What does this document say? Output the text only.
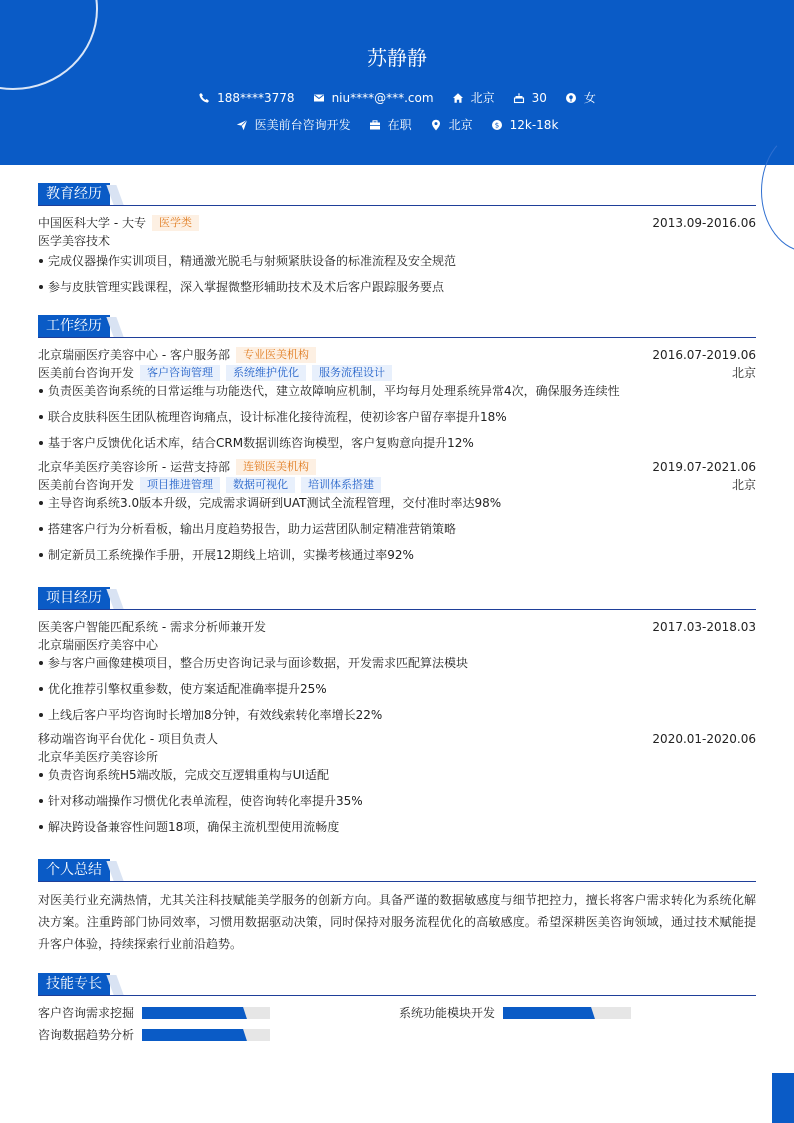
苏静静
188****3778	niu****@***.com	北京	30	女
医美前台咨询开发	在职	北京	$ 12k-18k
教育经历
中国医科大学 - 大专 医学类	2013.09-2016.06
医学美容技术
完成仪器操作实训项目，精通激光脱毛与射频紧肤设备的标准流程及安全规范
参与皮肤管理实践课程，深入掌握微整形辅助技术及术后客户跟踪服务要点
工作经历
北京瑞丽医疗美容中心 - 客户服务部 专业医美机构	2016.07-2019.06
医美前台咨询开发 客户咨询管理 系统维护优化 服务流程设计	北京
负责医美咨询系统的日常运维与功能迭代，建立故障响应机制，平均每月处理系统异常4次，确保服务连续性
联合皮肤科医生团队梳理咨询痛点，设计标准化接待流程，使初诊客户留存率提升18%
基于客户反馈优化话术库，结合CRM数据训练咨询模型，客户复购意向提升12%
北京华美医疗美容诊所 - 运营支持部 连锁医美机构	2019.07-2021.06
医美前台咨询开发 项目推进管理 数据可视化 培训体系搭建	北京
主导咨询系统3.0版本升级，完成需求调研到UAT测试全流程管理，交付准时率达98%
搭建客户行为分析看板，输出月度趋势报告，助力运营团队制定精准营销策略
制定新员工系统操作手册，开展12期线上培训，实操考核通过率92%
项目经历
医美客户智能匹配系统 - 需求分析师兼开发	2017.03-2018.03
北京瑞丽医疗美容中心
参与客户画像建模项目，整合历史咨询记录与面诊数据，开发需求匹配算法模块
优化推荐引擎权重参数，使方案适配准确率提升25%
上线后客户平均咨询时长增加8分钟，有效线索转化率增长22%
移动端咨询平台优化 - 项目负责人	2020.01-2020.06
北京华美医疗美容诊所
负责咨询系统H5端改版，完成交互逻辑重构与UI适配
针对移动端操作习惯优化表单流程，使咨询转化率提升35%
解决跨设备兼容性问题18项，确保主流机型使用流畅度
个人总结
对医美行业充满热情，尤其关注科技赋能美学服务的创新方向。具备严谨的数据敏感度与细节把控力，擅长将客户需求转化为系统化解决方案。注重跨部门协同效率，习惯用数据驱动决策，同时保持对服务流程优化的高敏感度。希望深耕医美咨询领域，通过技术赋能提升客户体验，持续探索行业前沿趋势。
技能专长
客户咨询需求挖掘	系统功能模块开发
咨询数据趋势分析
